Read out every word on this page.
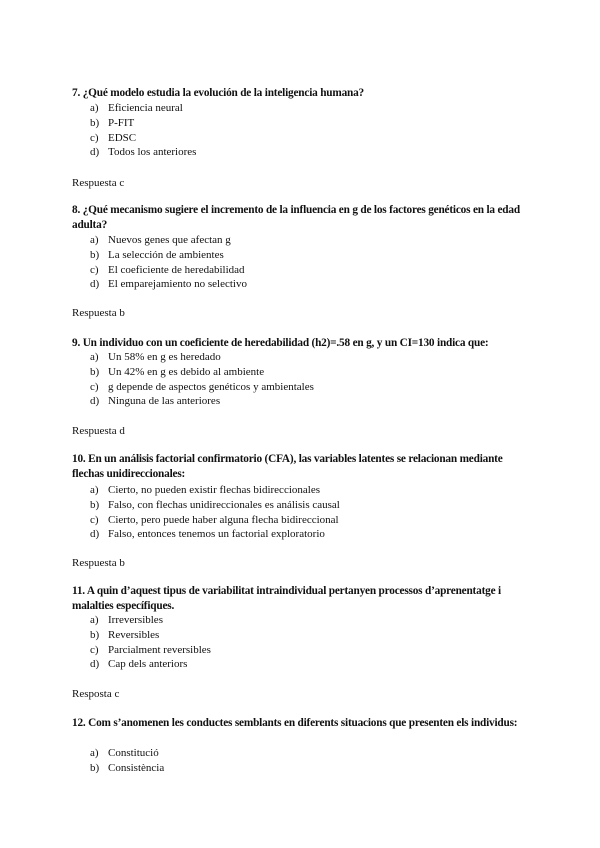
7. ¿Qué modelo estudia la evolución de la inteligencia humana?
a) Eficiencia neural
b) P-FIT
c) EDSC
d) Todos los anteriores
Respuesta c
8. ¿Qué mecanismo sugiere el incremento de la influencia en g de los factores genéticos en la edad adulta?
a) Nuevos genes que afectan g
b) La selección de ambientes
c) El coeficiente de heredabilidad
d) El emparejamiento no selectivo
Respuesta b
9. Un individuo con un coeficiente de heredabilidad (h2)=.58 en g, y un CI=130 indica que:
a) Un 58% en g es heredado
b) Un 42% en g es debido al ambiente
c) g depende de aspectos genéticos y ambientales
d) Ninguna de las anteriores
Respuesta d
10. En un análisis factorial confirmatorio (CFA), las variables latentes se relacionan mediante flechas unidireccionales:
a) Cierto, no pueden existir flechas bidireccionales
b) Falso, con flechas unidireccionales es análisis causal
c) Cierto, pero puede haber alguna flecha bidireccional
d) Falso, entonces tenemos un factorial exploratorio
Respuesta b
11. A quin d’aquest tipus de variabilitat intraindividual pertanyen processos d’aprenentatge i malalties específiques.
a) Irreversibles
b) Reversibles
c) Parcialment reversibles
d) Cap dels anteriors
Resposta c
12. Com s’anomenen les conductes semblants en diferents situacions que presenten els individus:
a) Constitució
b) Consistència
